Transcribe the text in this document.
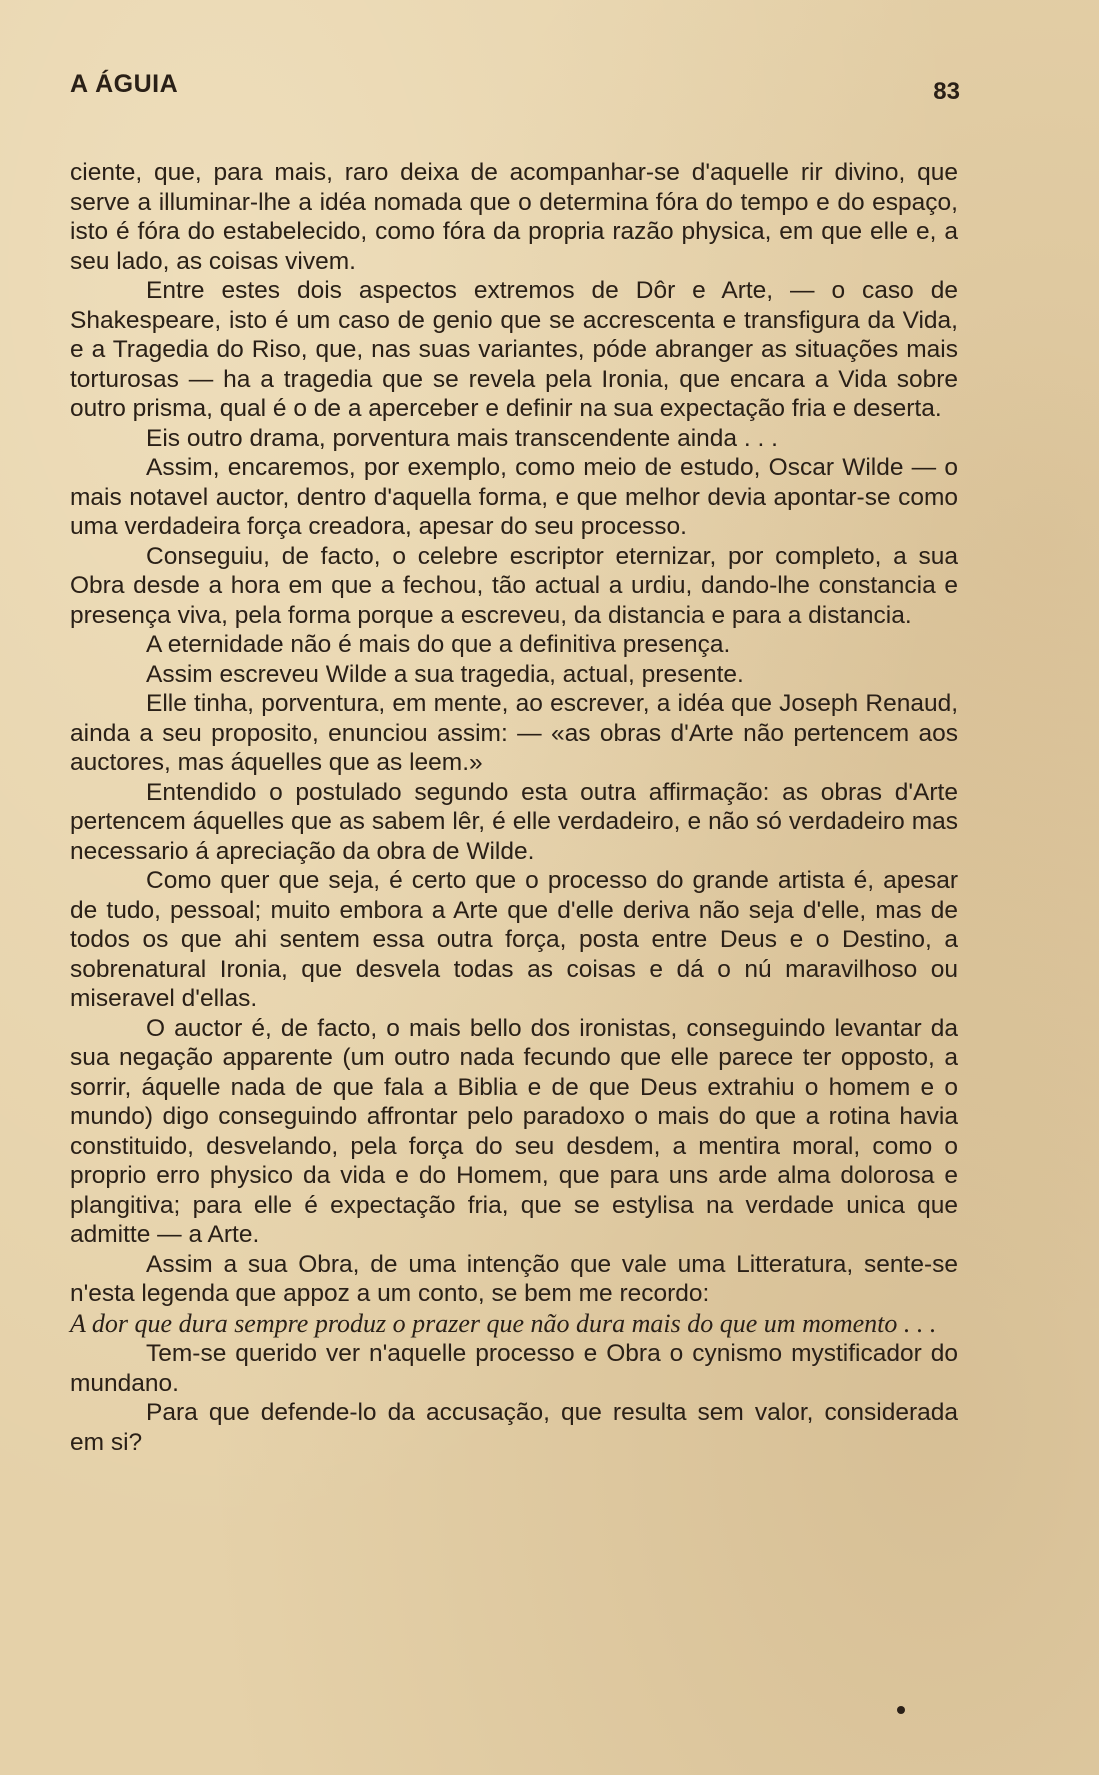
A ÁGUIA	83

ciente, que, para mais, raro deixa de acompanhar-se d'aquelle rir divino, que serve a illuminar-lhe a idéa nomada que o determina fóra do tempo e do espaço, isto é fóra do estabelecido, como fóra da propria razão physica, em que elle e, a seu lado, as coisas vivem.

Entre estes dois aspectos extremos de Dôr e Arte, — o caso de Shakespeare, isto é um caso de genio que se accrescenta e transfigura da Vida, e a Tragedia do Riso, que, nas suas variantes, póde abranger as situações mais torturosas — ha a tragedia que se revela pela Ironia, que encara a Vida sobre outro prisma, qual é o de a aperceber e definir na sua expectação fria e deserta.

Eis outro drama, porventura mais transcendente ainda . . .

Assim, encaremos, por exemplo, como meio de estudo, Oscar Wilde — o mais notavel auctor, dentro d'aquella forma, e que melhor devia apontar-se como uma verdadeira força creadora, apesar do seu processo.

Conseguiu, de facto, o celebre escriptor eternizar, por completo, a sua Obra desde a hora em que a fechou, tão actual a urdiu, dando-lhe constancia e presença viva, pela forma porque a escreveu, da distancia e para a distancia.

A eternidade não é mais do que a definitiva presença.

Assim escreveu Wilde a sua tragedia, actual, presente.

Elle tinha, porventura, em mente, ao escrever, a idéa que Joseph Renaud, ainda a seu proposito, enunciou assim: — «as obras d'Arte não pertencem aos auctores, mas áquelles que as leem.»

Entendido o postulado segundo esta outra affirmação: as obras d'Arte pertencem áquelles que as sabem lêr, é elle verdadeiro, e não só verdadeiro mas necessario á apreciação da obra de Wilde.

Como quer que seja, é certo que o processo do grande artista é, apesar de tudo, pessoal; muito embora a Arte que d'elle deriva não seja d'elle, mas de todos os que ahi sentem essa outra força, posta entre Deus e o Destino, a sobrenatural Ironia, que desvela todas as coisas e dá o nú maravilhoso ou miseravel d'ellas.

O auctor é, de facto, o mais bello dos ironistas, conseguindo levantar da sua negação apparente (um outro nada fecundo que elle parece ter opposto, a sorrir, áquelle nada de que fala a Biblia e de que Deus extrahiu o homem e o mundo) digo conseguindo affrontar pelo paradoxo o mais do que a rotina havia constituido, desvelando, pela força do seu desdem, a mentira moral, como o proprio erro physico da vida e do Homem, que para uns arde alma dolorosa e plangitiva; para elle é expectação fria, que se estylisa na verdade unica que admitte — a Arte.

Assim a sua Obra, de uma intenção que vale uma Litteratura, sente-se n'esta legenda que appoz a um conto, se bem me recordo:

A dor que dura sempre produz o prazer que não dura mais do que um momento . . .

Tem-se querido ver n'aquelle processo e Obra o cynismo mystificador do mundano.

Para que defende-lo da accusação, que resulta sem valor, considerada em si?
